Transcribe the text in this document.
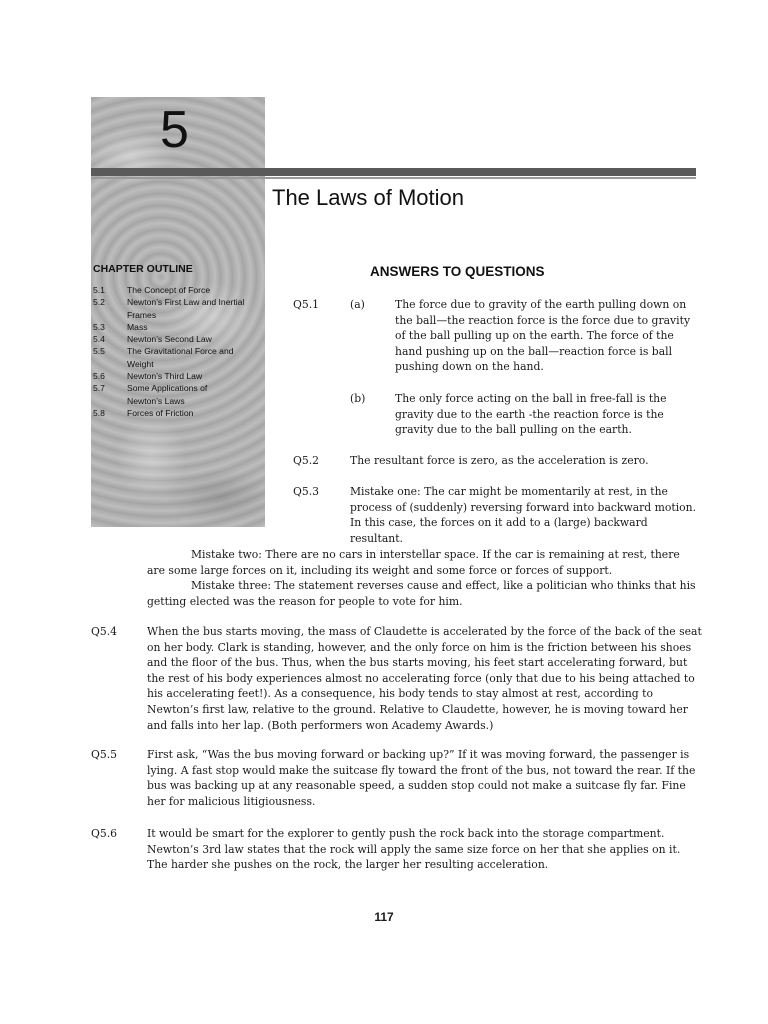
5
The Laws of Motion
CHAPTER OUTLINE
5.1	The Concept of Force
5.2	Newton’s First Law and Inertial Frames
5.3	Mass
5.4	Newton’s Second Law
5.5	The Gravitational Force and Weight
5.6	Newton’s Third Law
5.7	Some Applications of Newton’s Laws
5.8	Forces of Friction
ANSWERS TO QUESTIONS
Q5.1	(a)	The force due to gravity of the earth pulling down on the ball—the reaction force is the force due to gravity of the ball pulling up on the earth. The force of the hand pushing up on the ball—reaction force is ball pushing down on the hand.

(b)	The only force acting on the ball in free-fall is the gravity due to the earth -the reaction force is the gravity due to the ball pulling on the earth.

Q5.2	The resultant force is zero, as the acceleration is zero.

Q5.3	Mistake one: The car might be momentarily at rest, in the process of (suddenly) reversing forward into backward motion. In this case, the forces on it add to a (large) backward resultant.

Mistake two: There are no cars in interstellar space. If the car is remaining at rest, there are some large forces on it, including its weight and some force or forces of support.

Mistake three: The statement reverses cause and effect, like a politician who thinks that his getting elected was the reason for people to vote for him.

Q5.4	When the bus starts moving, the mass of Claudette is accelerated by the force of the back of the seat on her body. Clark is standing, however, and the only force on him is the friction between his shoes and the floor of the bus. Thus, when the bus starts moving, his feet start accelerating forward, but the rest of his body experiences almost no accelerating force (only that due to his being attached to his accelerating feet!). As a consequence, his body tends to stay almost at rest, according to Newton’s first law, relative to the ground. Relative to Claudette, however, he is moving toward her and falls into her lap. (Both performers won Academy Awards.)

Q5.5	First ask, “Was the bus moving forward or backing up?” If it was moving forward, the passenger is lying. A fast stop would make the suitcase fly toward the front of the bus, not toward the rear. If the bus was backing up at any reasonable speed, a sudden stop could not make a suitcase fly far. Fine her for malicious litigiousness.

Q5.6	It would be smart for the explorer to gently push the rock back into the storage compartment. Newton’s 3rd law states that the rock will apply the same size force on her that she applies on it. The harder she pushes on the rock, the larger her resulting acceleration.

117
